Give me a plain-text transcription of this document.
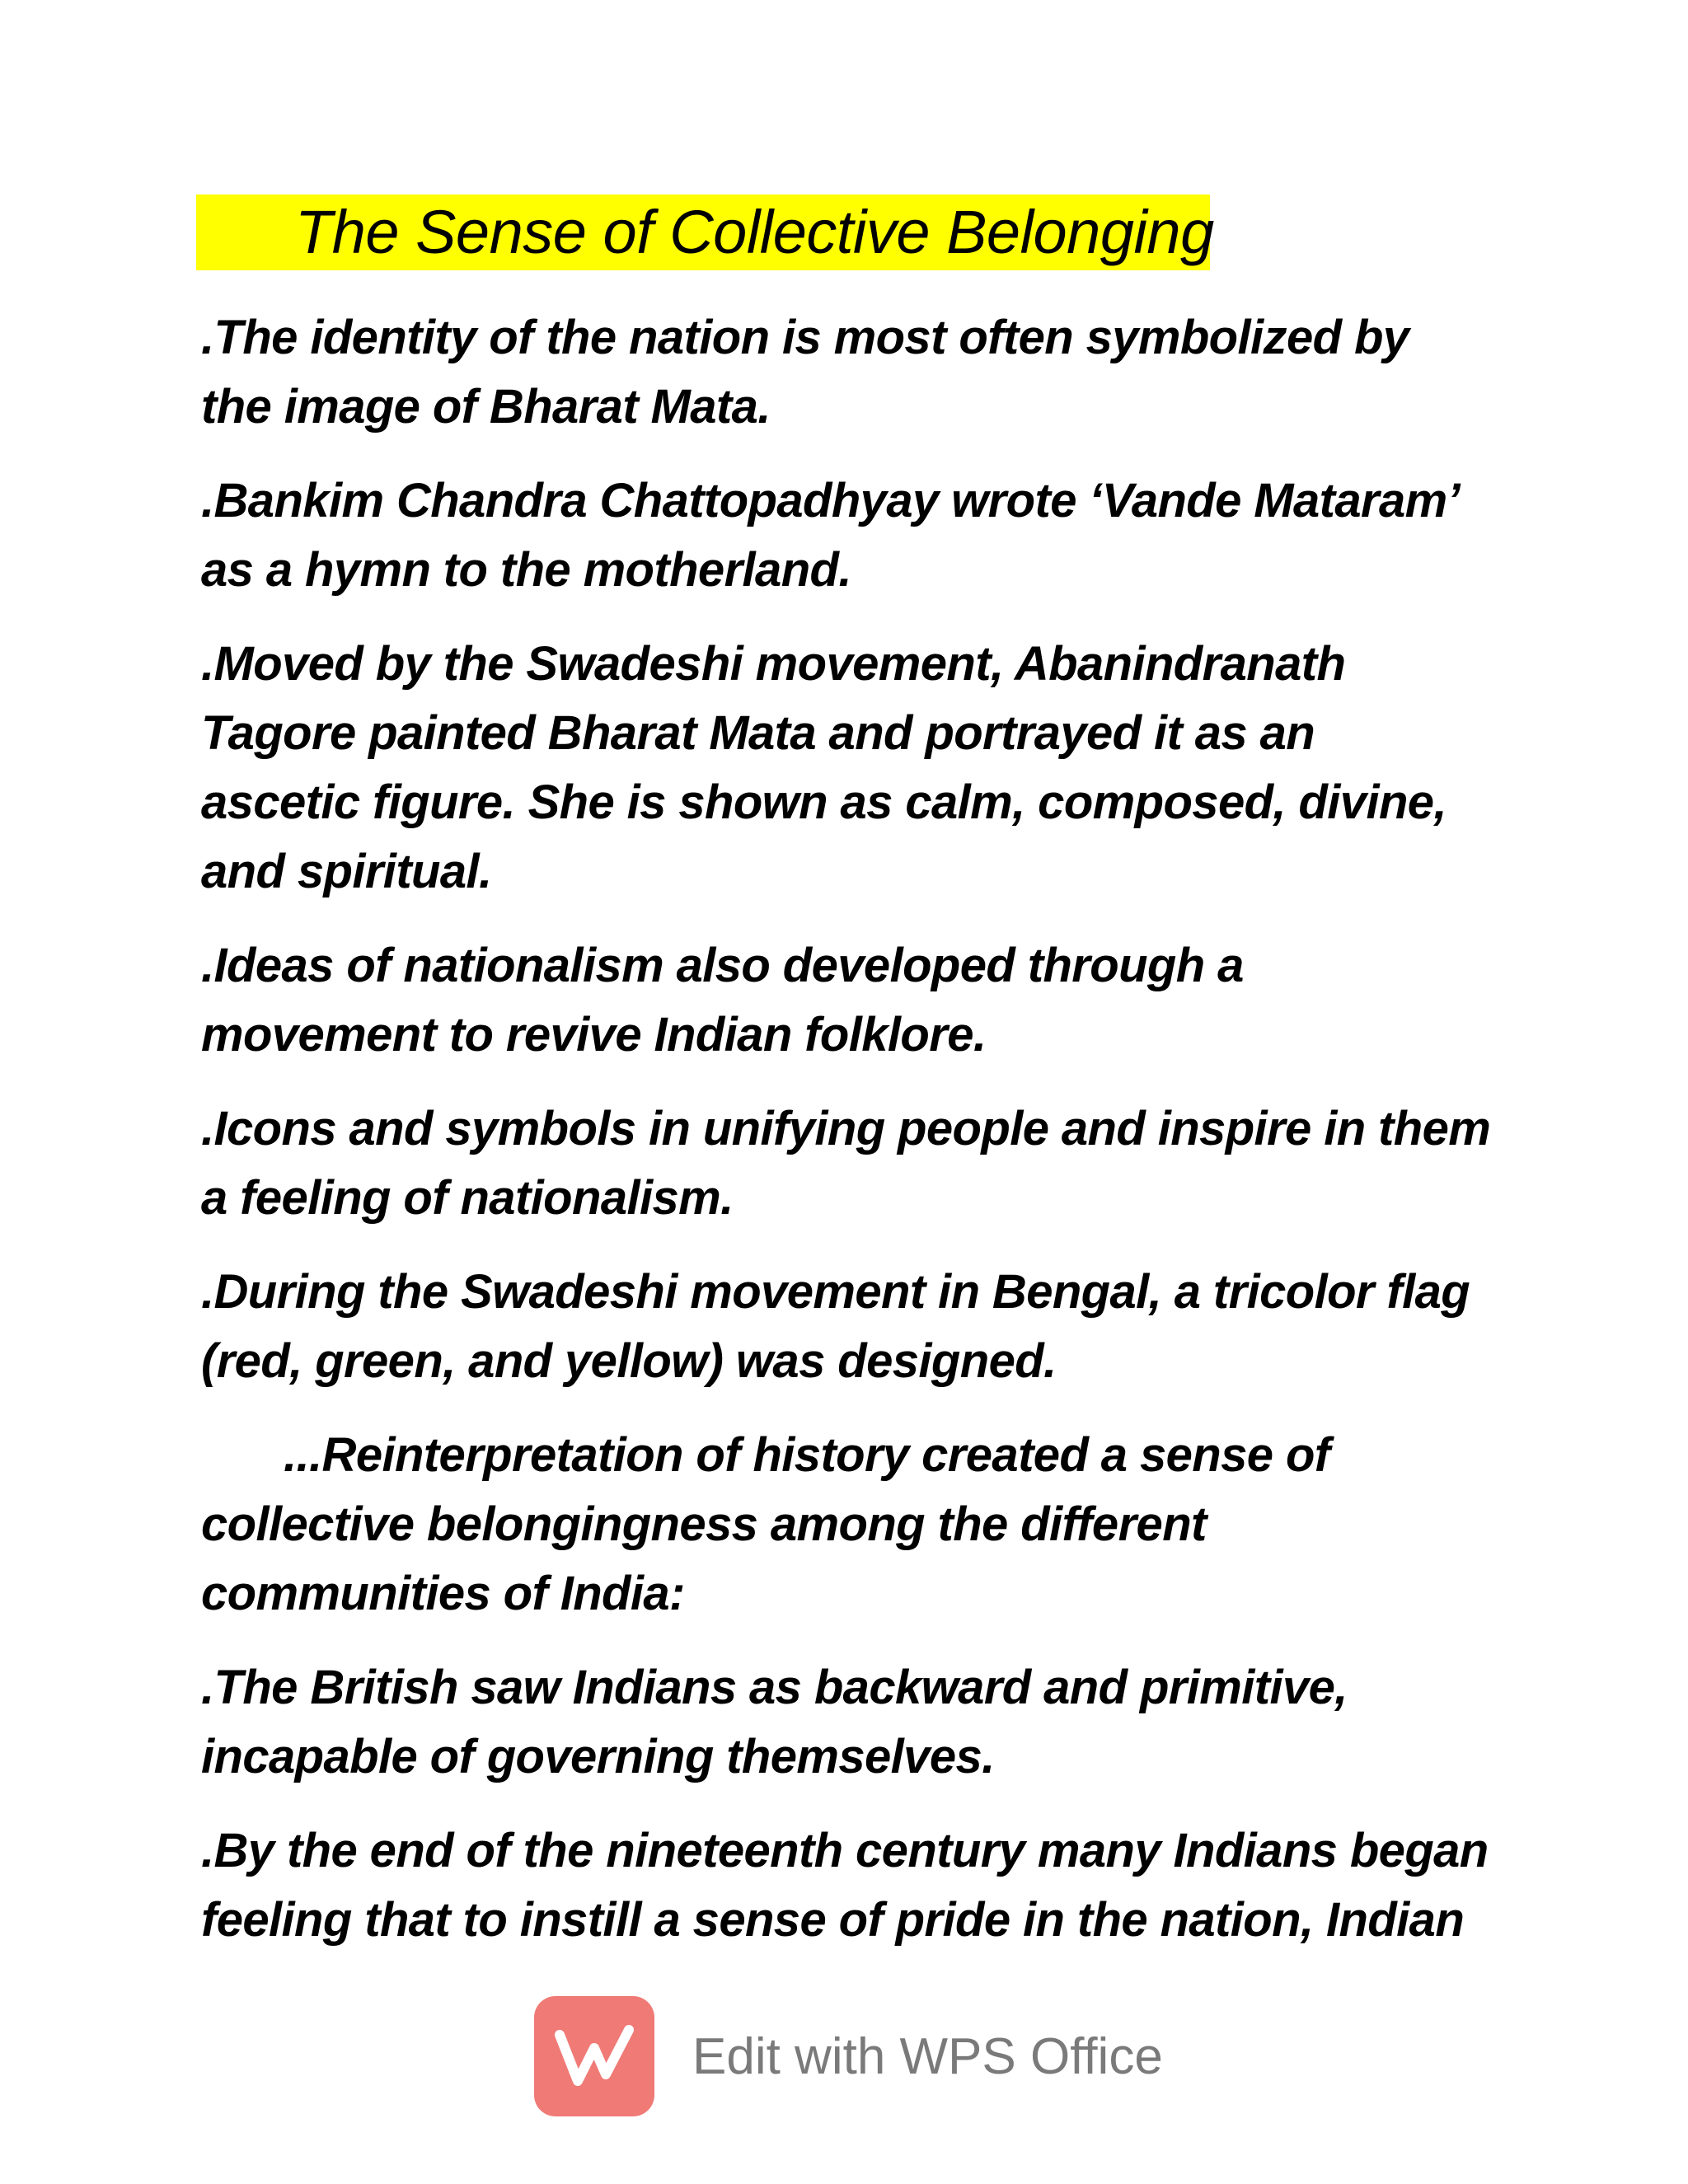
The Sense of Collective Belonging

.The identity of the nation is most often symbolized by
the image of Bharat Mata.

.Bankim Chandra Chattopadhyay wrote ‘Vande Mataram’
as a hymn to the motherland.

.Moved by the Swadeshi movement, Abanindranath
Tagore painted Bharat Mata and portrayed it as an
ascetic figure. She is shown as calm, composed, divine,
and spiritual.

.Ideas of nationalism also developed through a
movement to revive Indian folklore.

.Icons and symbols in unifying people and inspire in them
a feeling of nationalism.

.During the Swadeshi movement in Bengal, a tricolor flag
(red, green, and yellow) was designed.

...Reinterpretation of history created a sense of
collective belongingness among the different
communities of India:

.The British saw Indians as backward and primitive,
incapable of governing themselves.

.By the end of the nineteenth century many Indians began
feeling that to instill a sense of pride in the nation, Indian

Edit with WPS Office
